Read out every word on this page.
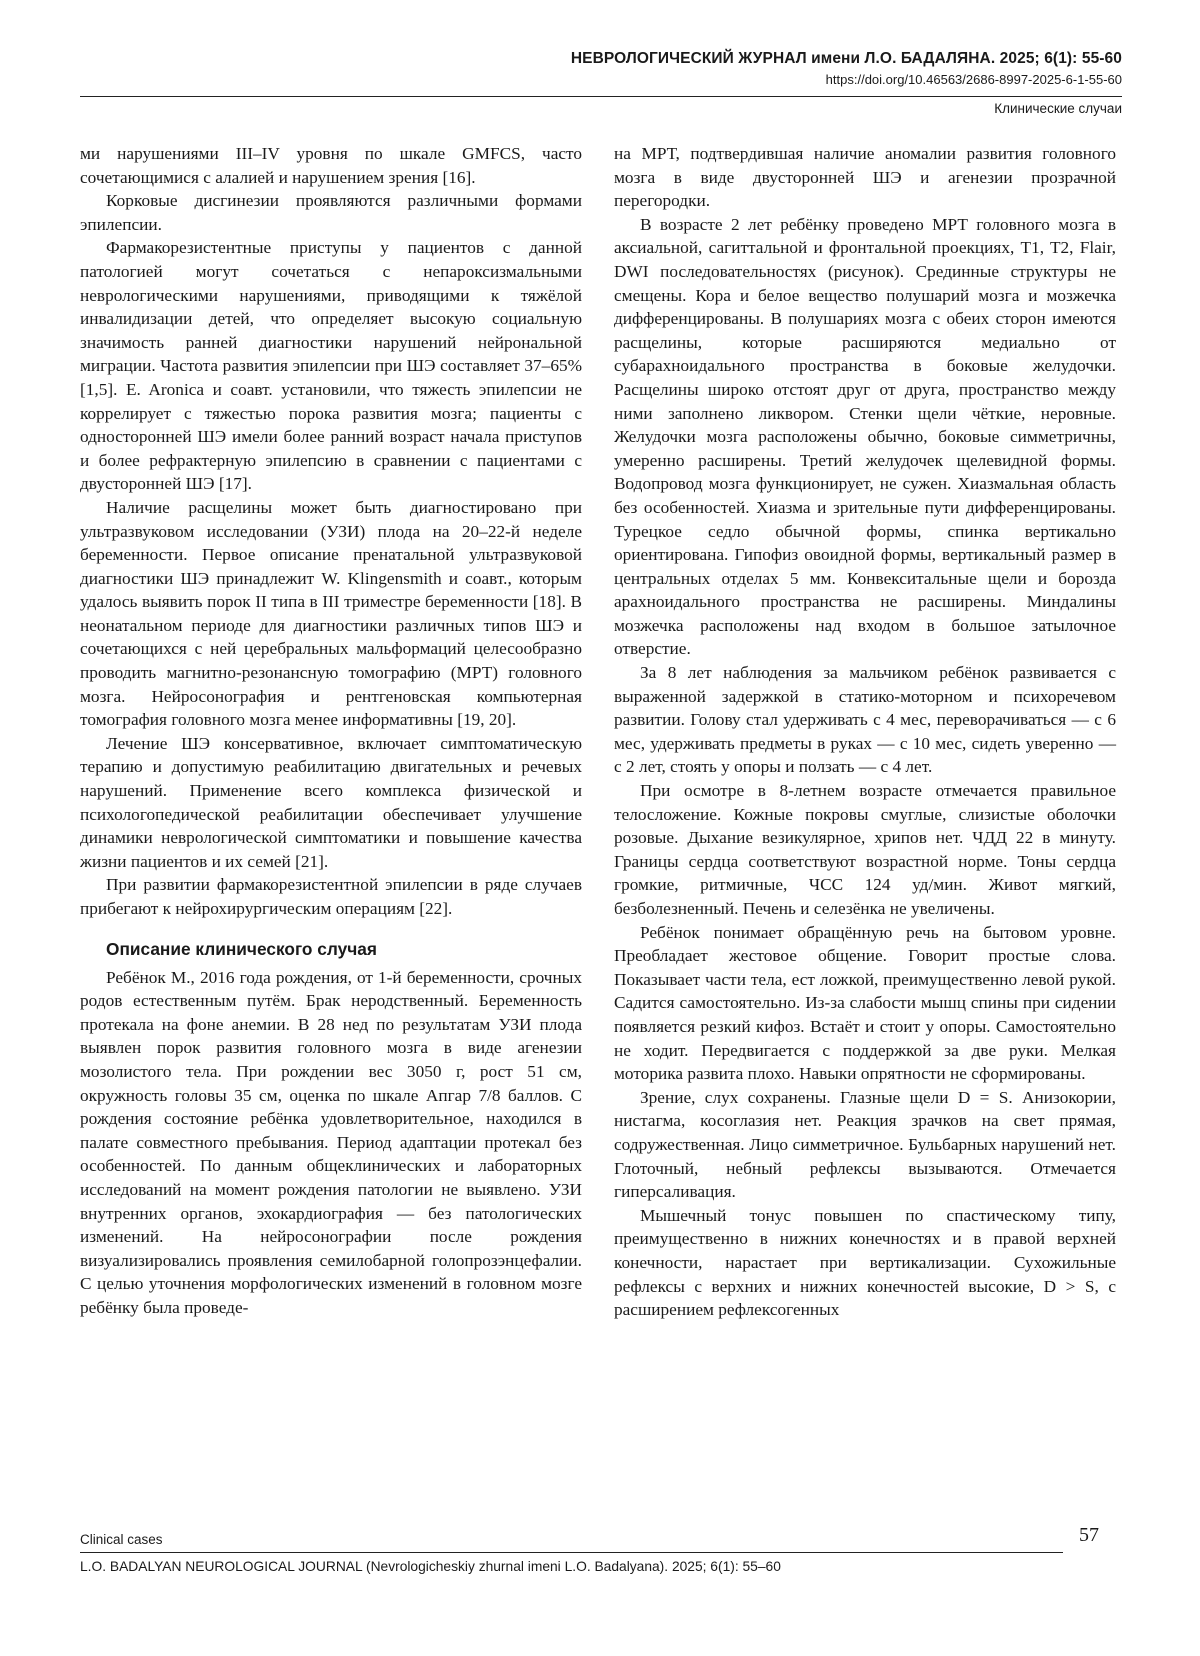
НЕВРОЛОГИЧЕСКИЙ ЖУРНАЛ имени Л.О. БАДАЛЯНА. 2025; 6(1): 55-60
https://doi.org/10.46563/2686-8997-2025-6-1-55-60
Клинические случаи

ми нарушениями III–IV уровня по шкале GMFCS, часто сочетающимися с алалией и нарушением зрения [16].

Корковые дисгинезии проявляются различными формами эпилепсии.

Фармакорезистентные приступы у пациентов с данной патологией могут сочетаться с непароксизмальными неврологическими нарушениями, приводящими к тяжёлой инвалидизации детей, что определяет высокую социальную значимость ранней диагностики нарушений нейрональной миграции. Частота развития эпилепсии при ШЭ составляет 37–65% [1,5]. E. Aronica и соавт. установили, что тяжесть эпилепсии не коррелирует с тяжестью порока развития мозга; пациенты с односторонней ШЭ имели более ранний возраст начала приступов и более рефрактерную эпилепсию в сравнении с пациентами с двусторонней ШЭ [17].

Наличие расщелины может быть диагностировано при ультразвуковом исследовании (УЗИ) плода на 20–22-й неделе беременности. Первое описание пренатальной ультразвуковой диагностики ШЭ принадлежит W. Klingensmith и соавт., которым удалось выявить порок II типа в III триместре беременности [18]. В неонатальном периоде для диагностики различных типов ШЭ и сочетающихся с ней церебральных мальформаций целесообразно проводить магнитно-резонансную томографию (МРТ) головного мозга. Нейросонография и рентгеновская компьютерная томография головного мозга менее информативны [19, 20].

Лечение ШЭ консервативное, включает симптоматическую терапию и допустимую реабилитацию двигательных и речевых нарушений. Применение всего комплекса физической и психологопедической реабилитации обеспечивает улучшение динамики неврологической симптоматики и повышение качества жизни пациентов и их семей [21].

При развитии фармакорезистентной эпилепсии в ряде случаев прибегают к нейрохирургическим операциям [22].

Описание клинического случая

Ребёнок М., 2016 года рождения, от 1-й беременности, срочных родов естественным путём. Брак неродственный. Беременность протекала на фоне анемии. В 28 нед по результатам УЗИ плода выявлен порок развития головного мозга в виде агенезии мозолистого тела. При рождении вес 3050 г, рост 51 см, окружность головы 35 см, оценка по шкале Апгар 7/8 баллов. С рождения состояние ребёнка удовлетворительное, находился в палате совместного пребывания. Период адаптации протекал без особенностей. По данным общеклинических и лабораторных исследований на момент рождения патологии не выявлено. УЗИ внутренних органов, эхокардиография — без патологических изменений. На нейросонографии после рождения визуализировались проявления семилобарной голопрозэнцефалии. С целью уточнения морфологических изменений в головном мозге ребёнку была проведе-

на МРТ, подтвердившая наличие аномалии развития головного мозга в виде двусторонней ШЭ и агенезии прозрачной перегородки.

В возрасте 2 лет ребёнку проведено МРТ головного мозга в аксиальной, сагиттальной и фронтальной проекциях, T1, T2, Flair, DWI последовательностях (рисунок). Срединные структуры не смещены. Кора и белое вещество полушарий мозга и мозжечка дифференцированы. В полушариях мозга с обеих сторон имеются расщелины, которые расширяются медиально от субарахноидального пространства в боковые желудочки. Расщелины широко отстоят друг от друга, пространство между ними заполнено ликвором. Стенки щели чёткие, неровные. Желудочки мозга расположены обычно, боковые симметричны, умеренно расширены. Третий желудочек щелевидной формы. Водопровод мозга функционирует, не сужен. Хиазмальная область без особенностей. Хиазма и зрительные пути дифференцированы. Турецкое седло обычной формы, спинка вертикально ориентирована. Гипофиз овоидной формы, вертикальный размер в центральных отделах 5 мм. Конвекситальные щели и борозда арахноидального пространства не расширены. Миндалины мозжечка расположены над входом в большое затылочное отверстие.

За 8 лет наблюдения за мальчиком ребёнок развивается с выраженной задержкой в статико-моторном и психоречевом развитии. Голову стал удерживать с 4 мес, переворачиваться — с 6 мес, удерживать предметы в руках — с 10 мес, сидеть уверенно — с 2 лет, стоять у опоры и ползать — с 4 лет.

При осмотре в 8-летнем возрасте отмечается правильное телосложение. Кожные покровы смуглые, слизистые оболочки розовые. Дыхание везикулярное, хрипов нет. ЧДД 22 в минуту. Границы сердца соответствуют возрастной норме. Тоны сердца громкие, ритмичные, ЧСС 124 уд/мин. Живот мягкий, безболезненный. Печень и селезёнка не увеличены.

Ребёнок понимает обращённую речь на бытовом уровне. Преобладает жестовое общение. Говорит простые слова. Показывает части тела, ест ложкой, преимущественно левой рукой. Садится самостоятельно. Из-за слабости мышц спины при сидении появляется резкий кифоз. Встаёт и стоит у опоры. Самостоятельно не ходит. Передвигается с поддержкой за две руки. Мелкая моторика развита плохо. Навыки опрятности не сформированы.

Зрение, слух сохранены. Глазные щели D = S. Анизокории, нистагма, косоглазия нет. Реакция зрачков на свет прямая, содружественная. Лицо симметричное. Бульбарных нарушений нет. Глоточный, небный рефлексы вызываются. Отмечается гиперсаливация.

Мышечный тонус повышен по спастическому типу, преимущественно в нижних конечностях и в правой верхней конечности, нарастает при вертикализации. Сухожильные рефлексы с верхних и нижних конечностей высокие, D > S, с расширением рефлексогенных

Clinical cases	57
L.O. BADALYAN NEUROLOGICAL JOURNAL (Nevrologicheskiy zhurnal imeni L.O. Badalyana). 2025; 6(1): 55–60
